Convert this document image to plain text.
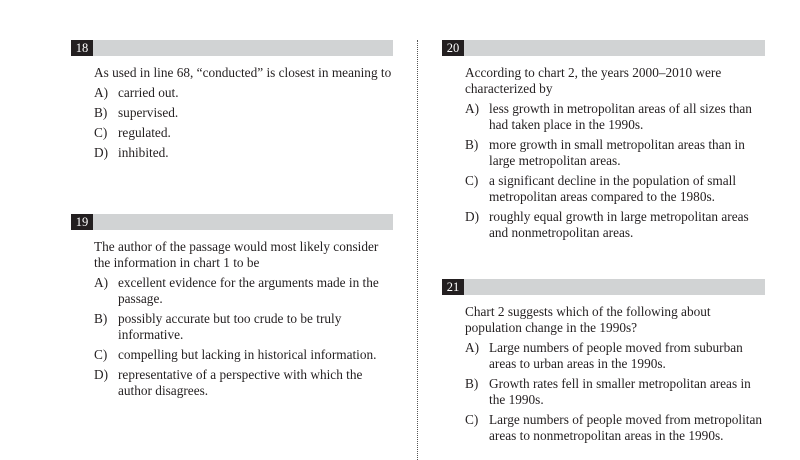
18
As used in line 68, “conducted” is closest in meaning to
A) carried out.
B) supervised.
C) regulated.
D) inhibited.
19
The author of the passage would most likely consider the information in chart 1 to be
A) excellent evidence for the arguments made in the passage.
B) possibly accurate but too crude to be truly informative.
C) compelling but lacking in historical information.
D) representative of a perspective with which the author disagrees.
20
According to chart 2, the years 2000–2010 were characterized by
A) less growth in metropolitan areas of all sizes than had taken place in the 1990s.
B) more growth in small metropolitan areas than in large metropolitan areas.
C) a significant decline in the population of small metropolitan areas compared to the 1980s.
D) roughly equal growth in large metropolitan areas and nonmetropolitan areas.
21
Chart 2 suggests which of the following about population change in the 1990s?
A) Large numbers of people moved from suburban areas to urban areas in the 1990s.
B) Growth rates fell in smaller metropolitan areas in the 1990s.
C) Large numbers of people moved from metropolitan areas to nonmetropolitan areas in the 1990s.
